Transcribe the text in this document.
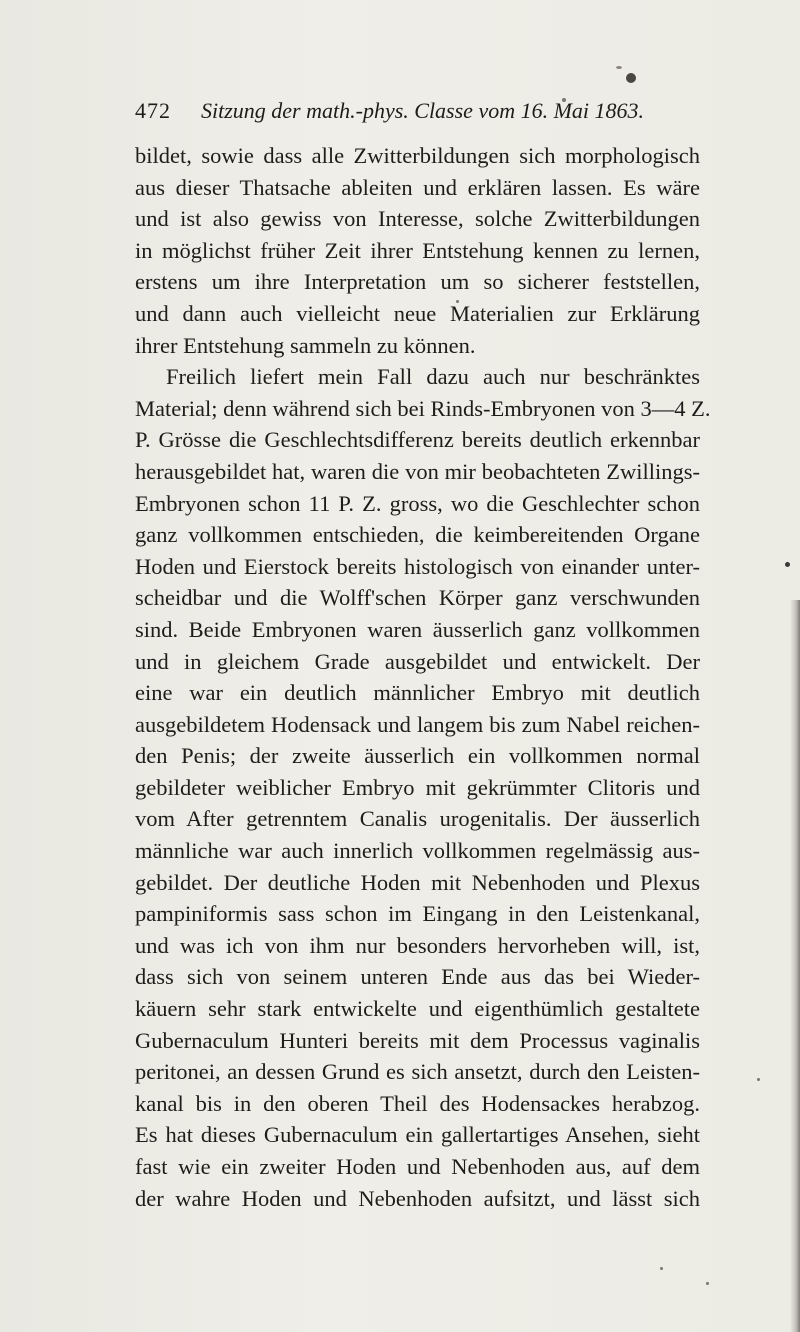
472 Sitzung der math.-phys. Classe vom 16. Mai 1863.
bildet, sowie dass alle Zwitterbildungen sich morphologisch
aus dieser Thatsache ableiten und erklären lassen. Es wäre
und ist also gewiss von Interesse, solche Zwitterbildungen
in möglichst früher Zeit ihrer Entstehung kennen zu lernen,
erstens um ihre Interpretation um so sicherer feststellen,
und dann auch vielleicht neue Materialien zur Erklärung
ihrer Entstehung sammeln zu können.
Freilich liefert mein Fall dazu auch nur beschränktes
Material; denn während sich bei Rinds-Embryonen von 3—4 Z.
P. Grösse die Geschlechtsdifferenz bereits deutlich erkennbar
herausgebildet hat, waren die von mir beobachteten Zwillings-
Embryonen schon 11 P. Z. gross, wo die Geschlechter schon
ganz vollkommen entschieden, die keimbereitenden Organe
Hoden und Eierstock bereits histologisch von einander unter-
scheidbar und die Wolff'schen Körper ganz verschwunden
sind. Beide Embryonen waren äusserlich ganz vollkommen
und in gleichem Grade ausgebildet und entwickelt. Der
eine war ein deutlich männlicher Embryo mit deutlich
ausgebildetem Hodensack und langem bis zum Nabel reichen-
den Penis; der zweite äusserlich ein vollkommen normal
gebildeter weiblicher Embryo mit gekrümmter Clitoris und
vom After getrenntem Canalis urogenitalis. Der äusserlich
männliche war auch innerlich vollkommen regelmässig aus-
gebildet. Der deutliche Hoden mit Nebenhoden und Plexus
pampiniformis sass schon im Eingang in den Leistenkanal,
und was ich von ihm nur besonders hervorheben will, ist,
dass sich von seinem unteren Ende aus das bei Wieder-
käuern sehr stark entwickelte und eigenthümlich gestaltete
Gubernaculum Hunteri bereits mit dem Processus vaginalis
peritonei, an dessen Grund es sich ansetzt, durch den Leisten-
kanal bis in den oberen Theil des Hodensackes herabzog.
Es hat dieses Gubernaculum ein gallertartiges Ansehen, sieht
fast wie ein zweiter Hoden und Nebenhoden aus, auf dem
der wahre Hoden und Nebenhoden aufsitzt, und lässt sich
